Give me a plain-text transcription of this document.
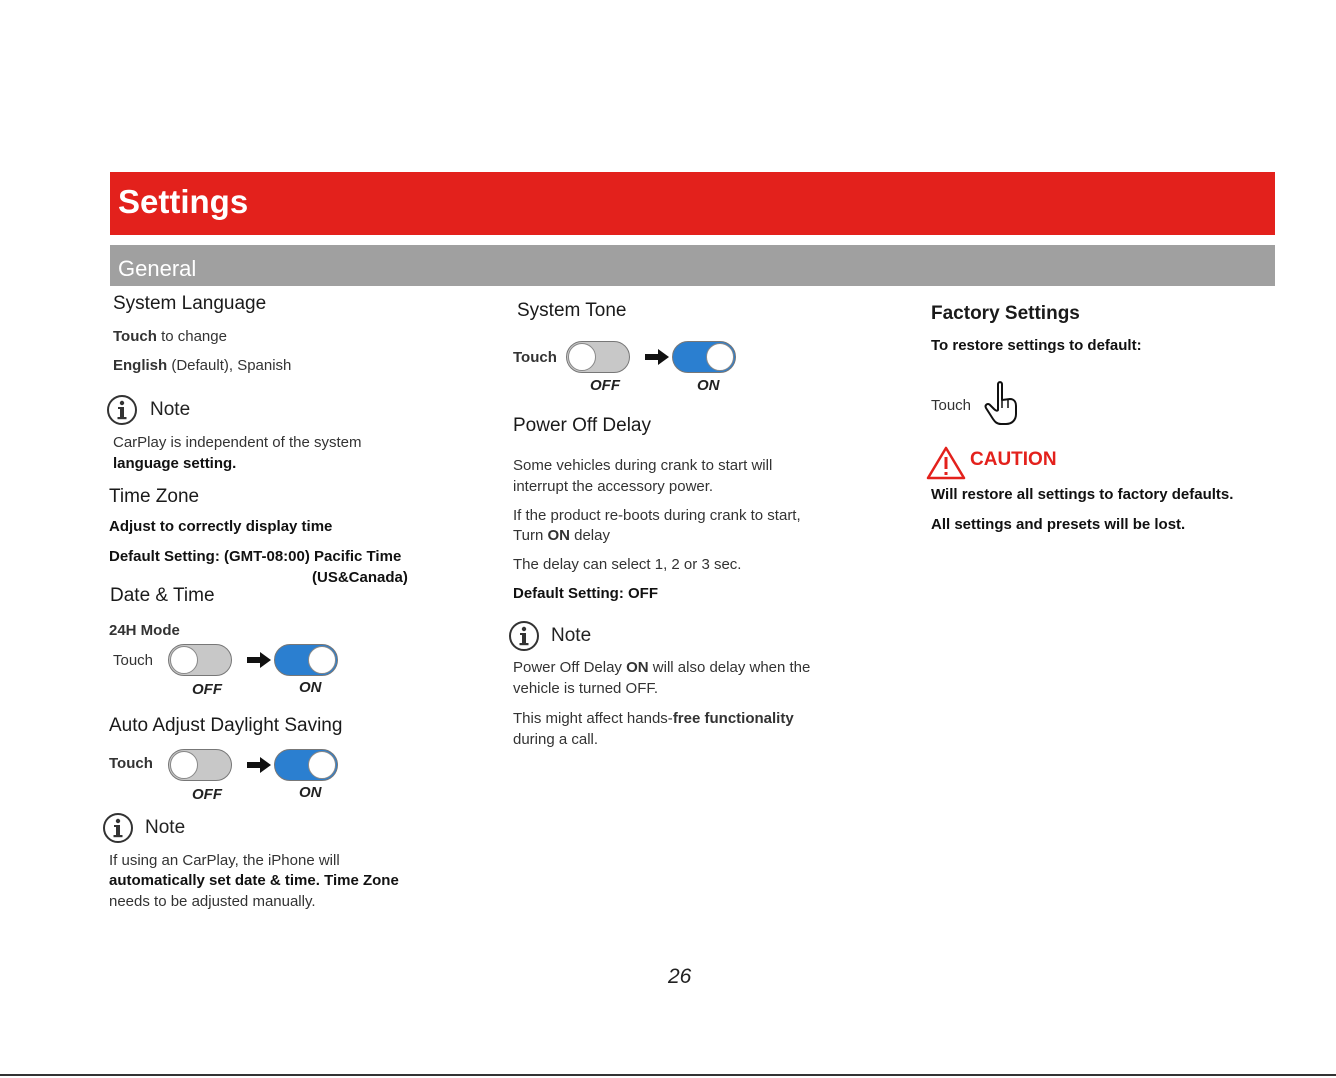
Settings
General
System Language
Touch to change
English (Default), Spanish
Note
CarPlay is independent of the system
language setting.
Time Zone
Adjust to correctly display time
Default Setting: (GMT-08:00) Pacific Time
(US&Canada)
Date & Time
24H Mode
Touch
OFF	ON
Auto Adjust Daylight Saving
Touch
OFF	ON
Note
If using an CarPlay, the iPhone will
automatically set date & time. Time Zone
needs to be adjusted manually.
System Tone
Touch
OFF	ON
Power Off Delay
Some vehicles during crank to start will
interrupt the accessory power.
If the product re-boots during crank to start,
Turn ON delay
The delay can select 1, 2 or 3 sec.
Default Setting: OFF
Note
Power Off Delay ON will also delay when the
vehicle is turned OFF.
This might affect hands-free functionality
during a call.
Factory Settings
To restore settings to default:
Touch
CAUTION
Will restore all settings to factory defaults.
All settings and presets will be lost.
26
